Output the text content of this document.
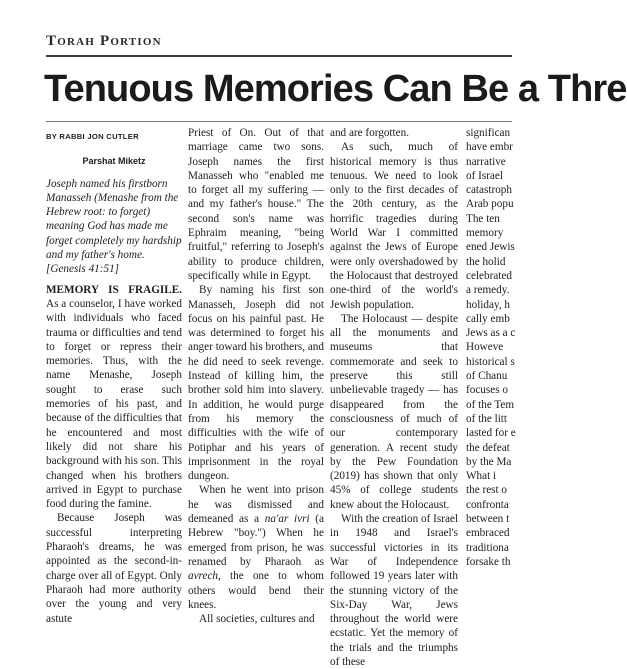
Torah Portion
Tenuous Memories Can Be a Thre
BY RABBI JON CUTLER
Parshat Miketz
Joseph named his firstborn Manasseh (Menashe from the Hebrew root: to forget) meaning God has made me forget completely my hardship and my father's home. [Genesis 41:51]

MEMORY IS FRAGILE. As a counselor, I have worked with individuals who faced trauma or difficulties and tend to forget or repress their memories. Thus, with the name Menashe, Joseph sought to erase such memories of his past, and because of the difficulties that he encountered and most likely did not share his background with his son. This changed when his brothers arrived in Egypt to purchase food during the famine.

Because Joseph was successful interpreting Pharaoh's dreams, he was appointed as the second-in-charge over all of Egypt. Only Pharaoh had more authority over the young and very astute

Priest of On. Out of that marriage came two sons. Joseph names the first Manasseh who "enabled me to forget all my suffering — and my father's house." The second son's name was Ephraim meaning, "being fruitful," referring to Joseph's ability to produce children, specifically while in Egypt.

By naming his first son Manasseh, Joseph did not focus on his painful past. He was determined to forget his anger toward his brothers, and he did need to seek revenge. Instead of killing him, the brother sold him into slavery. In addition, he would purge from his memory the difficulties with the wife of Potiphar and his years of imprisonment in the royal dungeon.

When he went into prison he was dismissed and demeaned as a na'ar ivri (a Hebrew "boy.") When he emerged from prison, he was renamed by Pharaoh as avrech, the one to whom others would bend their knees.

All societies, cultures and

and are forgotten.

As such, much of historical memory is thus tenuous. We need to look only to the first decades of the 20th century, as the horrific tragedies during World War I committed against the Jews of Europe were only overshadowed by the Holocaust that destroyed one-third of the world's Jewish population.

The Holocaust — despite all the monuments and museums that commemorate and seek to preserve this still unbelievable tragedy — has disappeared from the consciousness of much of our contemporary generation. A recent study by the Pew Foundation (2019) has shown that only 45% of college students knew about the Holocaust.

With the creation of Israel in 1948 and Israel's successful victories in its War of Independence followed 19 years later with the stunning victory of the Six-Day War, Jews throughout the world were ecstatic. Yet the memory of the trials and the triumphs of these

significan
have embr
narrative
of Israel
catastroph
Arab popu
The ten
memory
ened Jewis
the holid
celebrated
a remedy.
holiday, h
cally emb
Jews as a c
Howeve
historical s
of Chanu
focuses o
of the Tem
of the litt
lasted for e
the defeat
by the Ma
What i
the rest o
confronta
between t
embraced
traditiona
forsake th
